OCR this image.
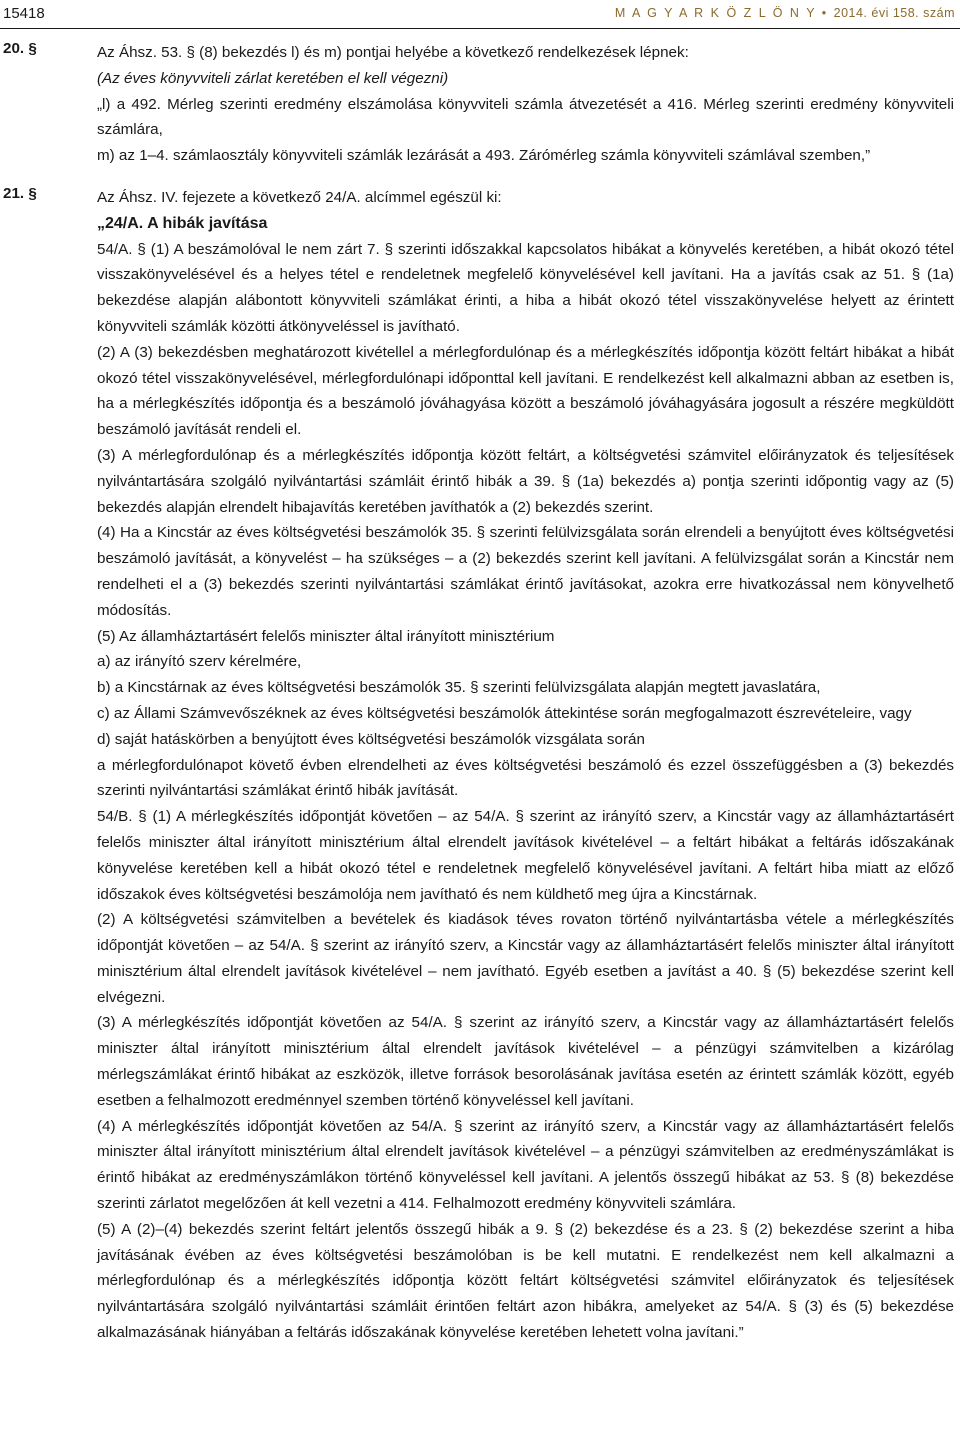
15418	M A G Y A R K Ö Z L Ö N Y • 2014. évi 158. szám
20. §	Az Áhsz. 53. § (8) bekezdés l) és m) pontjai helyébe a következő rendelkezések lépnek:

(Az éves könyvviteli zárlat keretében el kell végezni)

„l) a 492. Mérleg szerinti eredmény elszámolása könyvviteli számla átvezetését a 416. Mérleg szerinti eredmény könyvviteli számlára,

m) az 1–4. számlaosztály könyvviteli számlák lezárását a 493. Zárómérleg számla könyvviteli számlával szemben,”

21. §	Az Áhsz. IV. fejezete a következő 24/A. alcímmel egészül ki:

„24/A. A hibák javítása

54/A. § (1) A beszámolóval le nem zárt 7. § szerinti időszakkal kapcsolatos hibákat a könyvelés keretében, a hibát okozó tétel visszakönyvelésével és a helyes tétel e rendeletnek megfelelő könyvelésével kell javítani. Ha a javítás csak az 51. § (1a) bekezdése alapján alábontott könyvviteli számlákat érinti, a hiba a hibát okozó tétel visszakönyvelése helyett az érintett könyvviteli számlák közötti átkönyveléssel is javítható.

(2) A (3) bekezdésben meghatározott kivétellel a mérlegfordulónap és a mérlegkészítés időpontja között feltárt hibákat a hibát okozó tétel visszakönyvelésével, mérlegfordulónapi időponttal kell javítani. E rendelkezést kell alkalmazni abban az esetben is, ha a mérlegkészítés időpontja és a beszámoló jóváhagyása között a beszámoló jóváhagyására jogosult a részére megküldött beszámoló javítását rendeli el.

(3) A mérlegfordulónap és a mérlegkészítés időpontja között feltárt, a költségvetési számvitel előirányzatok és teljesítések nyilvántartására szolgáló nyilvántartási számláit érintő hibák a 39. § (1a) bekezdés a) pontja szerinti időpontig vagy az (5) bekezdés alapján elrendelt hibajavítás keretében javíthatók a (2) bekezdés szerint.

(4) Ha a Kincstár az éves költségvetési beszámolók 35. § szerinti felülvizsgálata során elrendeli a benyújtott éves költségvetési beszámoló javítását, a könyvelést – ha szükséges – a (2) bekezdés szerint kell javítani. A felülvizsgálat során a Kincstár nem rendelheti el a (3) bekezdés szerinti nyilvántartási számlákat érintő javításokat, azokra erre hivatkozással nem könyvelhető módosítás.

(5) Az államháztartásért felelős miniszter által irányított minisztérium

a) az irányító szerv kérelmére,

b) a Kincstárnak az éves költségvetési beszámolók 35. § szerinti felülvizsgálata alapján megtett javaslatára,

c) az Állami Számvevőszéknek az éves költségvetési beszámolók áttekintése során megfogalmazott észrevételeire, vagy

d) saját hatáskörben a benyújtott éves költségvetési beszámolók vizsgálata során

a mérlegfordulónapot követő évben elrendelheti az éves költségvetési beszámoló és ezzel összefüggésben a (3) bekezdés szerinti nyilvántartási számlákat érintő hibák javítását.

54/B. § (1) A mérlegkészítés időpontját követően – az 54/A. § szerint az irányító szerv, a Kincstár vagy az államháztartásért felelős miniszter által irányított minisztérium által elrendelt javítások kivételével – a feltárt hibákat a feltárás időszakának könyvelése keretében kell a hibát okozó tétel e rendeletnek megfelelő könyvelésével javítani. A feltárt hiba miatt az előző időszakok éves költségvetési beszámolója nem javítható és nem küldhető meg újra a Kincstárnak.

(2) A költségvetési számvitelben a bevételek és kiadások téves rovaton történő nyilvántartásba vétele a mérlegkészítés időpontját követően – az 54/A. § szerint az irányító szerv, a Kincstár vagy az államháztartásért felelős miniszter által irányított minisztérium által elrendelt javítások kivételével – nem javítható. Egyéb esetben a javítást a 40. § (5) bekezdése szerint kell elvégezni.

(3) A mérlegkészítés időpontját követően az 54/A. § szerint az irányító szerv, a Kincstár vagy az államháztartásért felelős miniszter által irányított minisztérium által elrendelt javítások kivételével – a pénzügyi számvitelben a kizárólag mérlegszámlákat érintő hibákat az eszközök, illetve források besorolásának javítása esetén az érintett számlák között, egyéb esetben a felhalmozott eredménnyel szemben történő könyveléssel kell javítani.

(4) A mérlegkészítés időpontját követően az 54/A. § szerint az irányító szerv, a Kincstár vagy az államháztartásért felelős miniszter által irányított minisztérium által elrendelt javítások kivételével – a pénzügyi számvitelben az eredményszámlákat is érintő hibákat az eredményszámlákon történő könyveléssel kell javítani. A jelentős összegű hibákat az 53. § (8) bekezdése szerinti zárlatot megelőzően át kell vezetni a 414. Felhalmozott eredmény könyvviteli számlára.

(5) A (2)–(4) bekezdés szerint feltárt jelentős összegű hibák a 9. § (2) bekezdése és a 23. § (2) bekezdése szerint a hiba javításának évében az éves költségvetési beszámolóban is be kell mutatni. E rendelkezést nem kell alkalmazni a mérlegfordulónap és a mérlegkészítés időpontja között feltárt költségvetési számvitel előirányzatok és teljesítések nyilvántartására szolgáló nyilvántartási számláit érintően feltárt azon hibákra, amelyeket az 54/A. § (3) és (5) bekezdése alkalmazásának hiányában a feltárás időszakának könyvelése keretében lehetett volna javítani.”
